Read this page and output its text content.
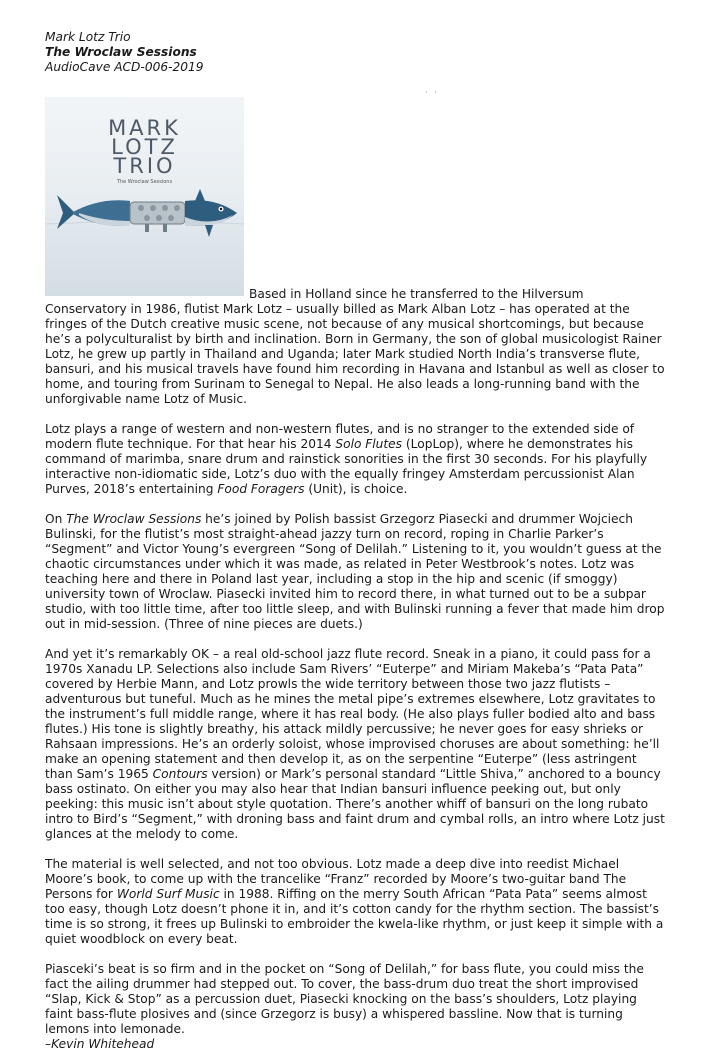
Mark Lotz Trio
The Wroclaw Sessions
AudioCave ACD-006-2019
· ·
MARK
LOTZ
TRIO
The Wroclaw Sessions

Based in Holland since he transferred to the Hilversum Conservatory in 1986, flutist Mark Lotz – usually billed as Mark Alban Lotz – has operated at the fringes of the Dutch creative music scene, not because of any musical shortcomings, but because he’s a polyculturalist by birth and inclination. Born in Germany, the son of global musicologist Rainer Lotz, he grew up partly in Thailand and Uganda; later Mark studied North India’s transverse flute, bansuri, and his musical travels have found him recording in Havana and Istanbul as well as closer to home, and touring from Surinam to Senegal to Nepal. He also leads a long-running band with the unforgivable name Lotz of Music.

Lotz plays a range of western and non-western flutes, and is no stranger to the extended side of modern flute technique. For that hear his 2014 Solo Flutes (LopLop), where he demonstrates his command of marimba, snare drum and rainstick sonorities in the first 30 seconds. For his playfully interactive non-idiomatic side, Lotz’s duo with the equally fringey Amsterdam percussionist Alan Purves, 2018’s entertaining Food Foragers (Unit), is choice.

On The Wroclaw Sessions he’s joined by Polish bassist Grzegorz Piasecki and drummer Wojciech Bulinski, for the flutist’s most straight-ahead jazzy turn on record, roping in Charlie Parker’s “Segment” and Victor Young’s evergreen “Song of Delilah.” Listening to it, you wouldn’t guess at the chaotic circumstances under which it was made, as related in Peter Westbrook’s notes. Lotz was teaching here and there in Poland last year, including a stop in the hip and scenic (if smoggy) university town of Wroclaw. Piasecki invited him to record there, in what turned out to be a subpar studio, with too little time, after too little sleep, and with Bulinski running a fever that made him drop out in mid-session. (Three of nine pieces are duets.)

And yet it’s remarkably OK – a real old-school jazz flute record. Sneak in a piano, it could pass for a 1970s Xanadu LP. Selections also include Sam Rivers’ “Euterpe” and Miriam Makeba’s “Pata Pata” covered by Herbie Mann, and Lotz prowls the wide territory between those two jazz flutists – adventurous but tuneful. Much as he mines the metal pipe’s extremes elsewhere, Lotz gravitates to the instrument’s full middle range, where it has real body. (He also plays fuller bodied alto and bass flutes.) His tone is slightly breathy, his attack mildly percussive; he never goes for easy shrieks or Rahsaan impressions. He’s an orderly soloist, whose improvised choruses are about something: he’ll make an opening statement and then develop it, as on the serpentine “Euterpe” (less astringent than Sam’s 1965 Contours version) or Mark’s personal standard “Little Shiva,” anchored to a bouncy bass ostinato. On either you may also hear that Indian bansuri influence peeking out, but only peeking: this music isn’t about style quotation. There’s another whiff of bansuri on the long rubato intro to Bird’s “Segment,” with droning bass and faint drum and cymbal rolls, an intro where Lotz just glances at the melody to come.

The material is well selected, and not too obvious. Lotz made a deep dive into reedist Michael Moore’s book, to come up with the trancelike “Franz” recorded by Moore’s two-guitar band The Persons for World Surf Music in 1988. Riffing on the merry South African “Pata Pata” seems almost too easy, though Lotz doesn’t phone it in, and it’s cotton candy for the rhythm section. The bassist’s time is so strong, it frees up Bulinski to embroider the kwela-like rhythm, or just keep it simple with a quiet woodblock on every beat.

Piasceki’s beat is so firm and in the pocket on “Song of Delilah,” for bass flute, you could miss the fact the ailing drummer had stepped out. To cover, the bass-drum duo treat the short improvised “Slap, Kick & Stop” as a percussion duet, Piasecki knocking on the bass’s shoulders, Lotz playing faint bass-flute plosives and (since Grzegorz is busy) a whispered bassline. Now that is turning lemons into lemonade.

–Kevin Whitehead
